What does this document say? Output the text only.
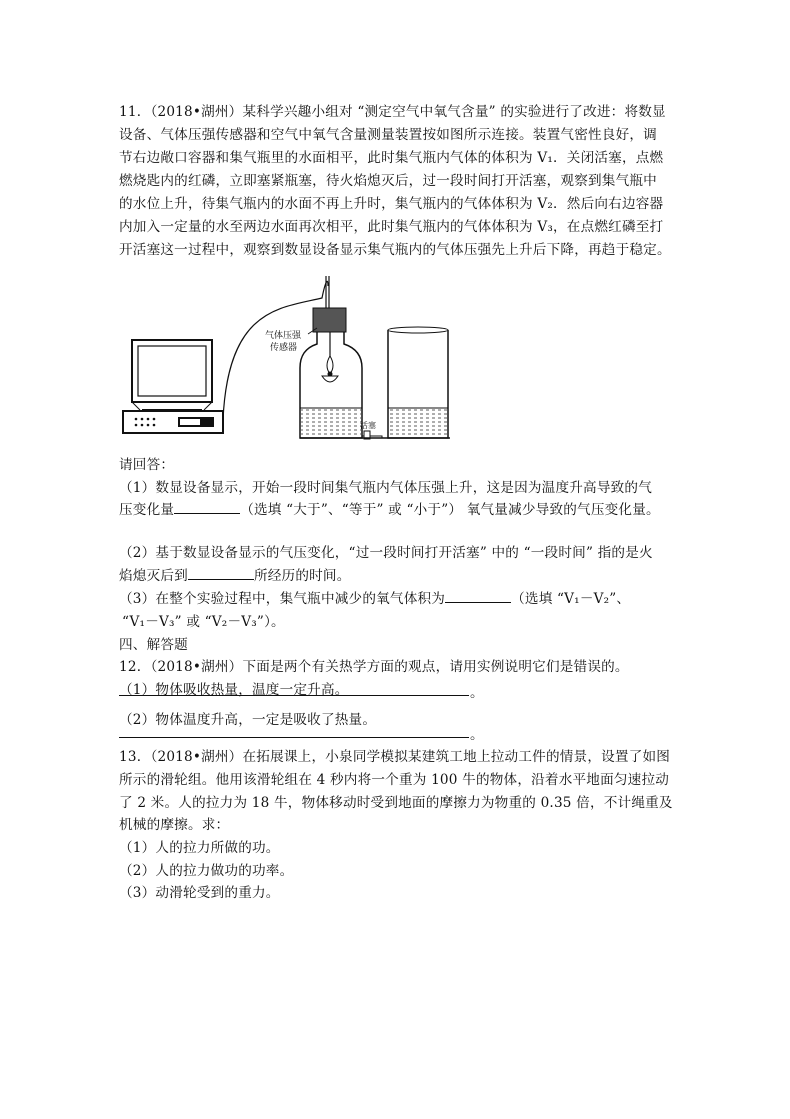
11．（2018•湖州）某科学兴趣小组对 “测定空气中氧气含量” 的实验进行了改进：将数显
设备、气体压强传感器和空气中氧气含量测量装置按如图所示连接。装置气密性良好，调
节右边敞口容器和集气瓶里的水面相平，此时集气瓶内气体的体积为 V₁．关闭活塞，点燃
燃烧匙内的红磷，立即塞紧瓶塞，待火焰熄灭后，过一段时间打开活塞，观察到集气瓶中
的水位上升，待集气瓶内的水面不再上升时，集气瓶内的气体体积为 V₂．然后向右边容器
内加入一定量的水至两边水面再次相平，此时集气瓶内的气体体积为 V₃，在点燃红磷至打
开活塞这一过程中，观察到数显设备显示集气瓶内的气体压强先上升后下降，再趋于稳定。
气体压强
传感器
活塞
请回答：
（1）数显设备显示，开始一段时间集气瓶内气体压强上升，这是因为温度升高导致的气
压变化量	（选填 “大于”、“等于” 或 “小于”） 氧气量减少导致的气压变化量。
（2）基于数显设备显示的气压变化，“过一段时间打开活塞” 中的 “一段时间” 指的是火
焰熄灭后到	所经历的时间。
（3）在整个实验过程中，集气瓶中减少的氧气体积为	（选填 “V₁－V₂”、
“V₁－V₃” 或 “V₂－V₃”）。
四、解答题
12．（2018•湖州）下面是两个有关热学方面的观点，请用实例说明它们是错误的。
（1）物体吸收热量，温度一定升高。	。
（2）物体温度升高，一定是吸收了热量。
。
13．（2018•湖州）在拓展课上，小泉同学模拟某建筑工地上拉动工件的情景，设置了如图
所示的滑轮组。他用该滑轮组在 4 秒内将一个重为 100 牛的物体，沿着水平地面匀速拉动
了 2 米。人的拉力为 18 牛，物体移动时受到地面的摩擦力为物重的 0.35 倍，不计绳重及
机械的摩擦。求：
（1）人的拉力所做的功。
（2）人的拉力做功的功率。
（3）动滑轮受到的重力。
